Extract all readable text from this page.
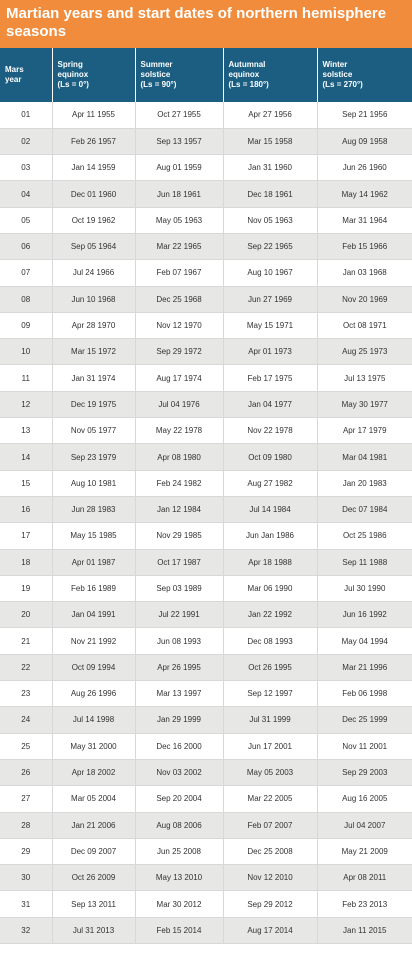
Martian years and start dates of northern hemisphere seasons
Mars
year	Spring
equinox
(Ls = 0°)	Summer
solstice
(Ls = 90°)	Autumnal
equinox
(Ls = 180°)	Winter
solstice
(Ls = 270°)

01	Apr 11 1955	Oct 27 1955	Apr 27 1956	Sep 21 1956
02	Feb 26 1957	Sep 13 1957	Mar 15 1958	Aug 09 1958
03	Jan 14 1959	Aug 01 1959	Jan 31 1960	Jun 26 1960
04	Dec 01 1960	Jun 18 1961	Dec 18 1961	May 14 1962
05	Oct 19 1962	May 05 1963	Nov 05 1963	Mar 31 1964
06	Sep 05 1964	Mar 22 1965	Sep 22 1965	Feb 15 1966
07	Jul 24 1966	Feb 07 1967	Aug 10 1967	Jan 03 1968
08	Jun 10 1968	Dec 25 1968	Jun 27 1969	Nov 20 1969
09	Apr 28 1970	Nov 12 1970	May 15 1971	Oct 08 1971
10	Mar 15 1972	Sep 29 1972	Apr 01 1973	Aug 25 1973
11	Jan 31 1974	Aug 17 1974	Feb 17 1975	Jul 13 1975
12	Dec 19 1975	Jul 04 1976	Jan 04 1977	May 30 1977
13	Nov 05 1977	May 22 1978	Nov 22 1978	Apr 17 1979
14	Sep 23 1979	Apr 08 1980	Oct 09 1980	Mar 04 1981
15	Aug 10 1981	Feb 24 1982	Aug 27 1982	Jan 20 1983
16	Jun 28 1983	Jan 12 1984	Jul 14 1984	Dec 07 1984
17	May 15 1985	Nov 29 1985	Jun Jan 1986	Oct 25 1986
18	Apr 01 1987	Oct 17 1987	Apr 18 1988	Sep 11 1988
19	Feb 16 1989	Sep 03 1989	Mar 06 1990	Jul 30 1990
20	Jan 04 1991	Jul 22 1991	Jan 22 1992	Jun 16 1992
21	Nov 21 1992	Jun 08 1993	Dec 08 1993	May 04 1994
22	Oct 09 1994	Apr 26 1995	Oct 26 1995	Mar 21 1996
23	Aug 26 1996	Mar 13 1997	Sep 12 1997	Feb 06 1998
24	Jul 14 1998	Jan 29 1999	Jul 31 1999	Dec 25 1999
25	May 31 2000	Dec 16 2000	Jun 17 2001	Nov 11 2001
26	Apr 18 2002	Nov 03 2002	May 05 2003	Sep 29 2003
27	Mar 05 2004	Sep 20 2004	Mar 22 2005	Aug 16 2005
28	Jan 21 2006	Aug 08 2006	Feb 07 2007	Jul 04 2007
29	Dec 09 2007	Jun 25 2008	Dec 25 2008	May 21 2009
30	Oct 26 2009	May 13 2010	Nov 12 2010	Apr 08 2011
31	Sep 13 2011	Mar 30 2012	Sep 29 2012	Feb 23 2013
32	Jul 31 2013	Feb 15 2014	Aug 17 2014	Jan 11 2015
